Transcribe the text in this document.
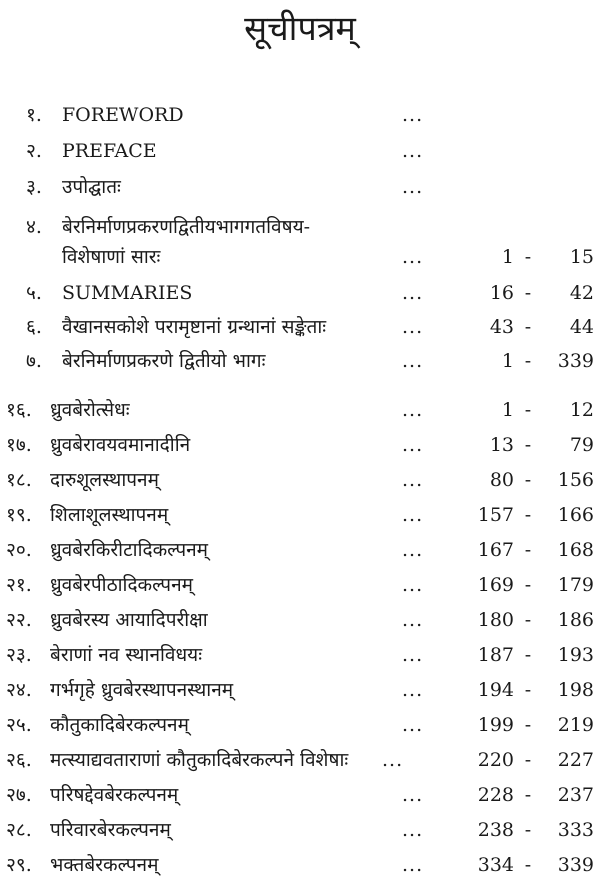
सूचीपत्रम्
१. FOREWORD	...
२. PREFACE	...
३. उपोद्घातः	...
४. बेरनिर्माणप्रकरणद्वितीयभागगतविषय-
विशेषाणां सारः	...	1 -	15
५. SUMMARIES	...	16 -	42
६. वैखानसकोशे परामृष्टानां ग्रन्थानां सङ्केताः	...	43 -	44
७. बेरनिर्माणप्रकरणे द्वितीयो भागः	...	1 -	339
१६. ध्रुवबेरोत्सेधः	...	1 -	12
१७. ध्रुवबेरावयवमानादीनि	...	13 -	79
१८. दारुशूलस्थापनम्	...	80 -	156
१९. शिलाशूलस्थापनम्	...	157 -	166
२०. ध्रुवबेरकिरीटादिकल्पनम्	...	167 -	168
२१. ध्रुवबेरपीठादिकल्पनम्	...	169 -	179
२२. ध्रुवबेरस्य आयादिपरीक्षा	...	180 -	186
२३. बेराणां नव स्थानविधयः	...	187 -	193
२४. गर्भगृहे ध्रुवबेरस्थापनस्थानम्	...	194 -	198
२५. कौतुकादिबेरकल्पनम्	...	199 -	219
२६. मत्स्याद्यवताराणां कौतुकादिबेरकल्पने विशेषाः ...	220 -	227
२७. परिषद्देवबेरकल्पनम्	...	228 -	237
२८. परिवारबेरकल्पनम्	...	238 -	333
२९. भक्तबेरकल्पनम्	...	334 -	339
